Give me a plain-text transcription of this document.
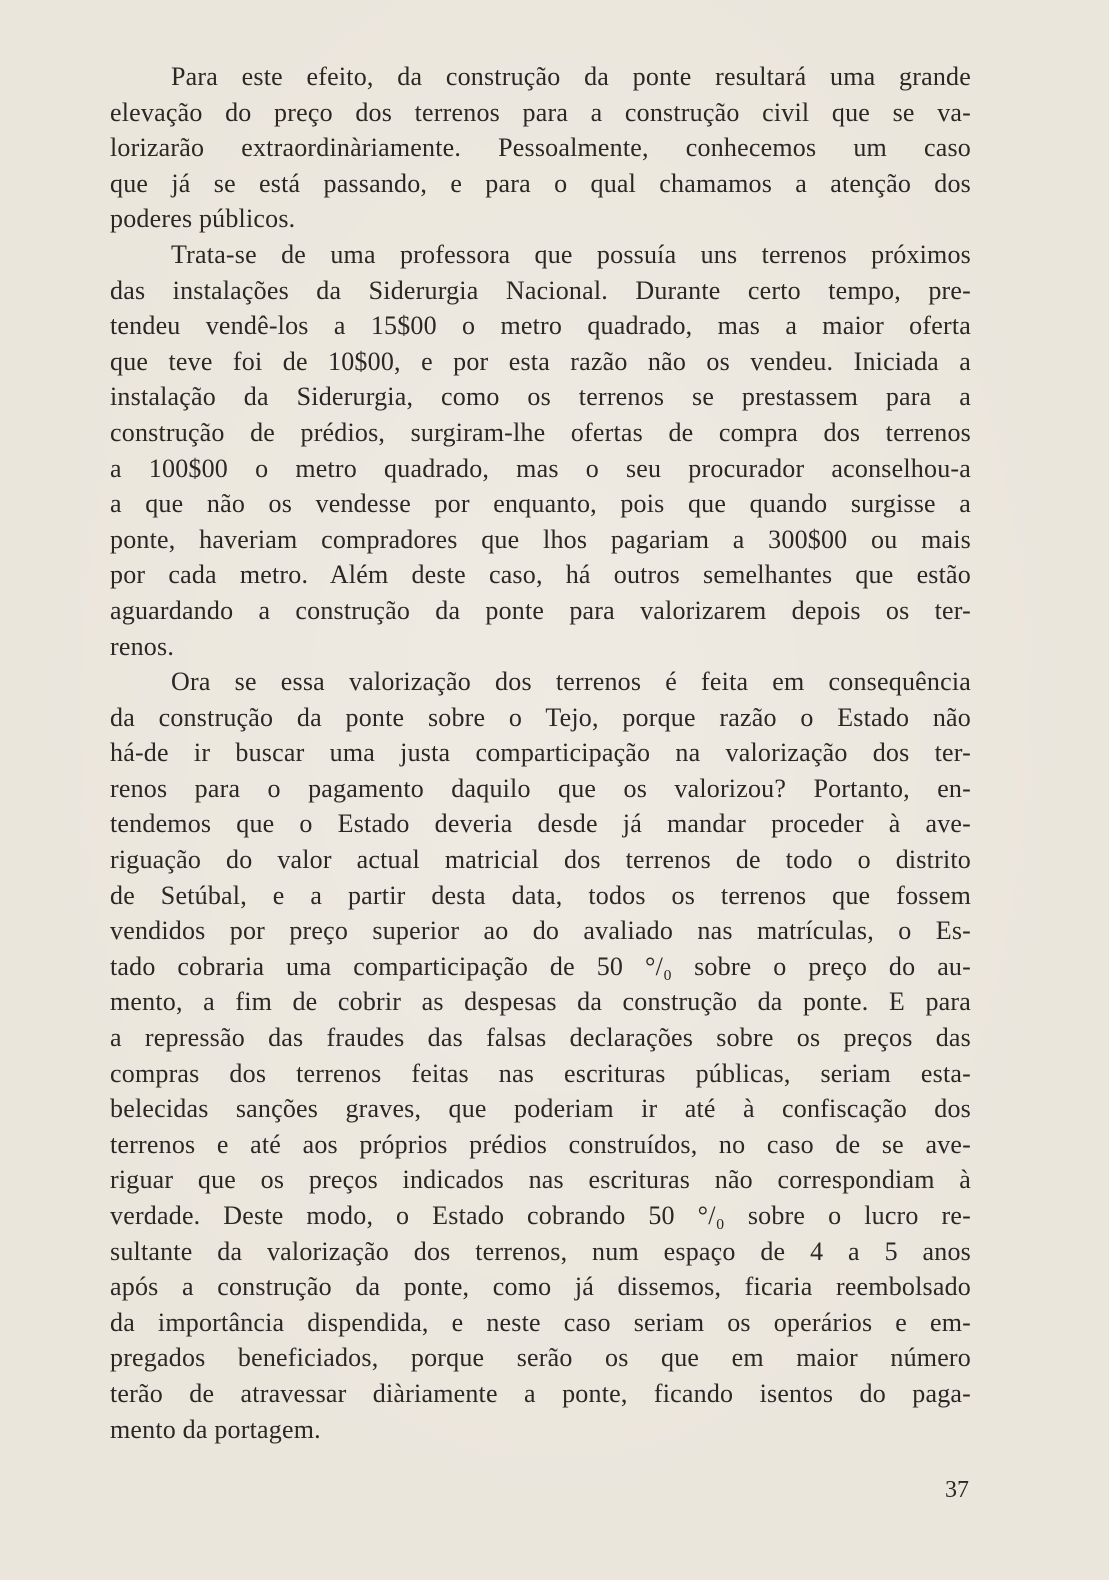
Para este efeito, da construção da ponte resultará uma grande
elevação do preço dos terrenos para a construção civil que se va-
lorizarão extraordinàriamente. Pessoalmente, conhecemos um caso
que já se está passando, e para o qual chamamos a atenção dos
poderes públicos.
Trata-se de uma professora que possuía uns terrenos próximos
das instalações da Siderurgia Nacional. Durante certo tempo, pre-
tendeu vendê-los a 15$00 o metro quadrado, mas a maior oferta
que teve foi de 10$00, e por esta razão não os vendeu. Iniciada a
instalação da Siderurgia, como os terrenos se prestassem para a
construção de prédios, surgiram-lhe ofertas de compra dos terrenos
a 100$00 o metro quadrado, mas o seu procurador aconselhou-a
a que não os vendesse por enquanto, pois que quando surgisse a
ponte, haveriam compradores que lhos pagariam a 300$00 ou mais
por cada metro. Além deste caso, há outros semelhantes que estão
aguardando a construção da ponte para valorizarem depois os ter-
renos.
Ora se essa valorização dos terrenos é feita em consequência
da construção da ponte sobre o Tejo, porque razão o Estado não
há-de ir buscar uma justa comparticipação na valorização dos ter-
renos para o pagamento daquilo que os valorizou? Portanto, en-
tendemos que o Estado deveria desde já mandar proceder à ave-
riguação do valor actual matricial dos terrenos de todo o distrito
de Setúbal, e a partir desta data, todos os terrenos que fossem
vendidos por preço superior ao do avaliado nas matrículas, o Es-
tado cobraria uma comparticipação de 50 °/₀ sobre o preço do au-
mento, a fim de cobrir as despesas da construção da ponte. E para
a repressão das fraudes das falsas declarações sobre os preços das
compras dos terrenos feitas nas escrituras públicas, seriam esta-
belecidas sanções graves, que poderiam ir até à confiscação dos
terrenos e até aos próprios prédios construídos, no caso de se ave-
riguar que os preços indicados nas escrituras não correspondiam à
verdade. Deste modo, o Estado cobrando 50 °/₀ sobre o lucro re-
sultante da valorização dos terrenos, num espaço de 4 a 5 anos
após a construção da ponte, como já dissemos, ficaria reembolsado
da importância dispendida, e neste caso seriam os operários e em-
pregados beneficiados, porque serão os que em maior número
terão de atravessar diàriamente a ponte, ficando isentos do paga-
mento da portagem.
37
